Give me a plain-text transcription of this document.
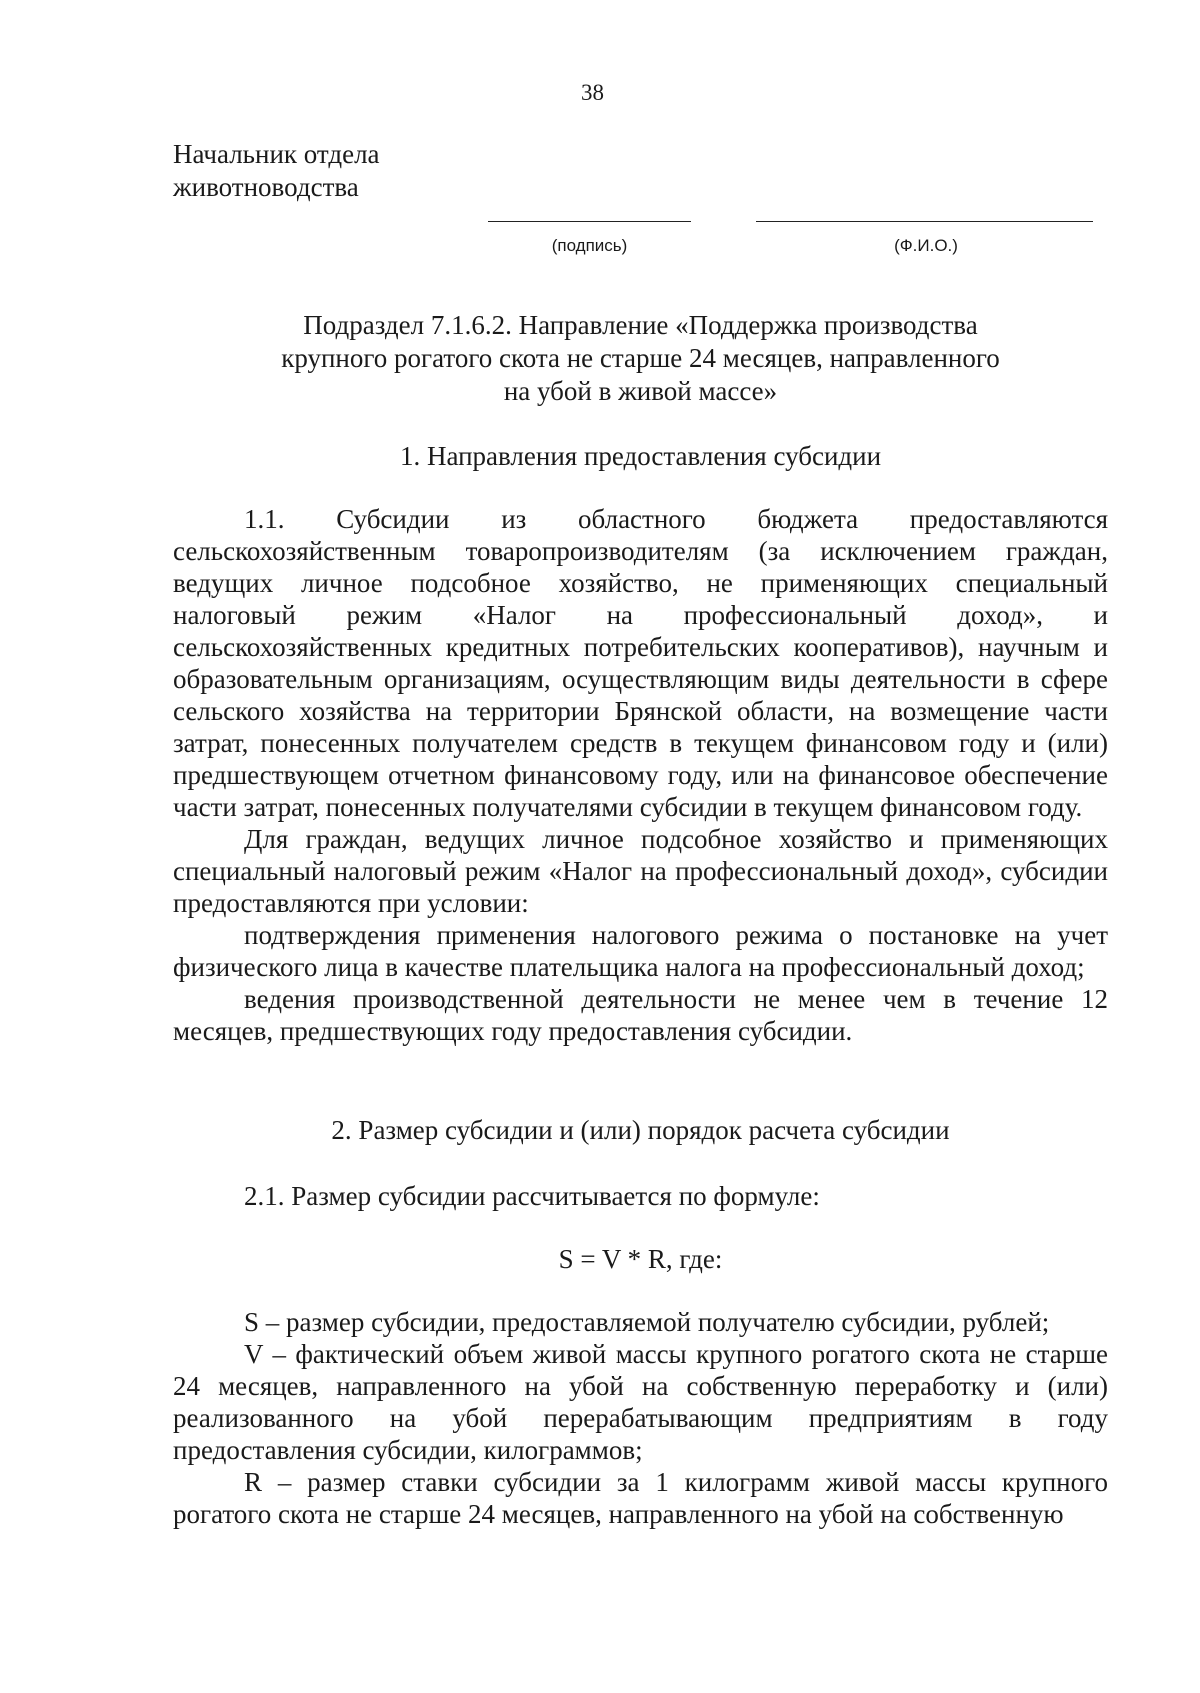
38
Начальник отдела
животноводства
(подпись)	(Ф.И.О.)
Подраздел 7.1.6.2. Направление «Поддержка производства
крупного рогатого скота не старше 24 месяцев, направленного
на убой в живой массе»
1. Направления предоставления субсидии

1.1. Субсидии из областного бюджета предоставляются сельскохозяйственным товаропроизводителям (за исключением граждан, ведущих личное подсобное хозяйство, не применяющих специальный налоговый режим «Налог на профессиональный доход», и сельскохозяйственных кредитных потребительских кооперативов), научным и образовательным организациям, осуществляющим виды деятельности в сфере сельского хозяйства на территории Брянской области, на возмещение части затрат, понесенных получателем средств в текущем финансовом году и (или) предшествующем отчетном финансовому году, или на финансовое обеспечение части затрат, понесенных получателями субсидии в текущем финансовом году.

Для граждан, ведущих личное подсобное хозяйство и применяющих специальный налоговый режим «Налог на профессиональный доход», субсидии предоставляются при условии:

подтверждения применения налогового режима о постановке на учет физического лица в качестве плательщика налога на профессиональный доход;

ведения производственной деятельности не менее чем в течение 12 месяцев, предшествующих году предоставления субсидии.

2. Размер субсидии и (или) порядок расчета субсидии

2.1. Размер субсидии рассчитывается по формуле:

S = V * R, где:

S – размер субсидии, предоставляемой получателю субсидии, рублей;

V – фактический объем живой массы крупного рогатого скота не старше 24 месяцев, направленного на убой на собственную переработку и (или) реализованного на убой перерабатывающим предприятиям в году предоставления субсидии, килограммов;

R – размер ставки субсидии за 1 килограмм живой массы крупного рогатого скота не старше 24 месяцев, направленного на убой на собственную
